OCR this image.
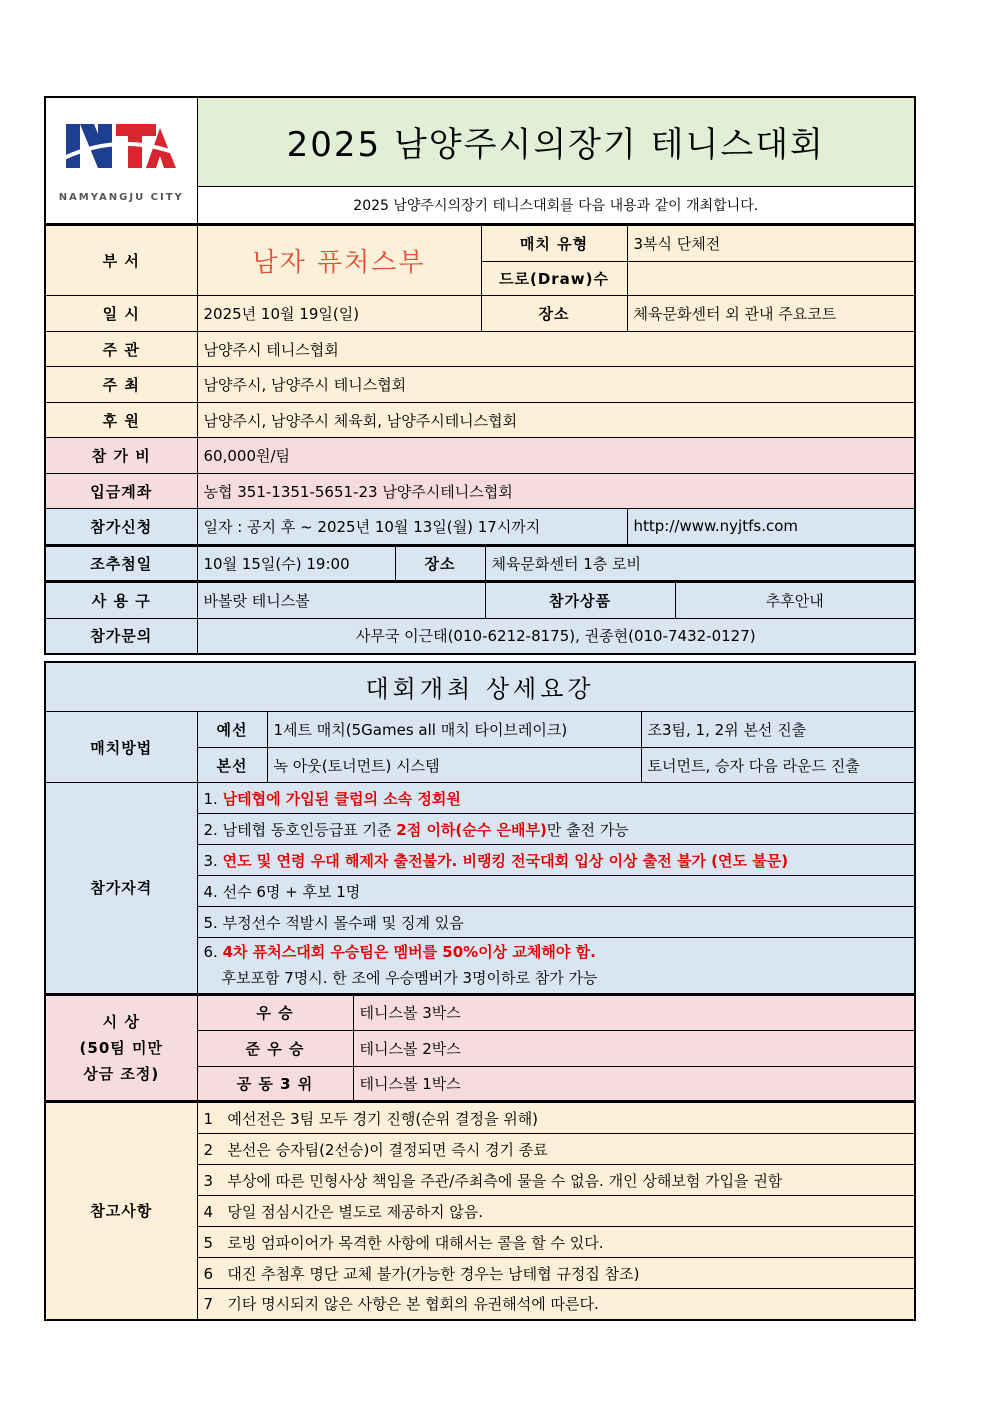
NAMYANGJU CITY
	2025 남양주시의장기 테니스대회
2025 남양주시의장기 테니스대회를 다음 내용과 같이 개최합니다.
부 서	남자 퓨처스부	매치 유형	3복식 단체전
		드로(Draw)수	
일 시	2025년 10월 19일(일)	장소	체육문화센터 외 관내 주요코트
주 관	남양주시 테니스협회		
주 최	남양주시, 남양주시 테니스협회		
후 원	남양주시, 남양주시 체육회, 남양주시테니스협회		
참 가 비	60,000원/팀		
입금계좌	농협 351-1351-5651-23 남양주시테니스협회		
참가신청	일자 : 공지 후 ~ 2025년 10월 13일(월) 17시까지		http://www.nyjtfs.com
조추첨일	10월 15일(수) 19:00	장소	체육문화센터 1층 로비
사 용 구	바볼랏 테니스볼	참가상품	추후안내
참가문의	사무국 이근태(010-6212-8175), 권종현(010-7432-0127)		
대회개최 상세요강			
매치방법	예선	1세트 매치(5Games all 매치 타이브레이크)	조3팀, 1, 2위 본선 진출
	본선	녹 아웃(토너먼트) 시스템	토너먼트, 승자 다음 라운드 진출
참가자격	1. 남테협에 가입된 클럽의 소속 정회원		
	2. 남테협 동호인등급표 기준 2점 이하(순수 은배부)만 출전 가능		
	3. 연도 및 연령 우대 해제자 출전불가. 비랭킹 전국대회 입상 이상 출전 불가 (연도 불문)		
	4. 선수 6명 + 후보 1명		
	5. 부정선수 적발시 몰수패 및 징계 있음		
	6. 4차 퓨처스대회 우승팀은 멤버를 50%이상 교체해야 함.
후보포함 7명시. 한 조에 우승멤버가 3명이하로 참가 가능		
시 상
(50팀 미만
상금 조정)	우 승	테니스볼 3박스
	준 우 승	테니스볼 2박스
	공 동 3 위	테니스볼 1박스
참고사항	1 예선전은 3팀 모두 경기 진행(순위 결정을 위해)
2 본선은 승자팀(2선승)이 결정되면 즉시 경기 종료
3 부상에 따른 민형사상 책임을 주관/주최측에 물을 수 없음. 개인 상해보험 가입을 권함
4 당일 점심시간은 별도로 제공하지 않음.
5 로빙 엄파이어가 목격한 사항에 대해서는 콜을 할 수 있다.
6 대진 추첨후 명단 교체 불가(가능한 경우는 남테협 규정집 참조)
7 기타 명시되지 않은 사항은 본 협회의 유권해석에 따른다.
